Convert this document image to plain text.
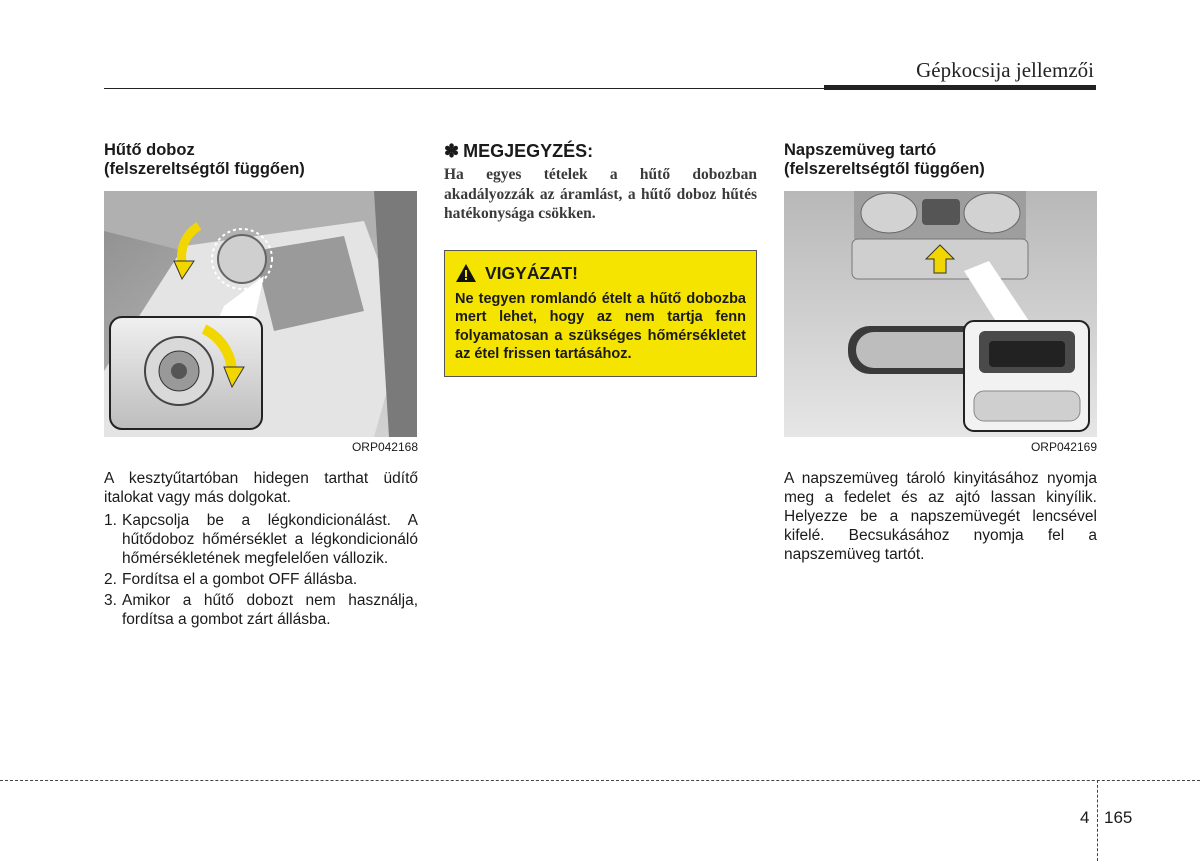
Gépkocsija jellemzői
Hűtő doboz
(felszereltségtől függően)
ORP042168

A kesztyűtartóban hidegen tarthat üdítő italokat vagy más dolgokat.

1. Kapcsolja be a légkondicionálást. A hűtődoboz hőmérséklet a légkondicionáló hőmérsékletének megfelelően vállozik.
2. Fordítsa el a gombot OFF állásba.
3. Amikor a hűtő dobozt nem használja, fordítsa a gombot zárt állásba.

✽ MEGJEGYZÉS:

Ha egyes tételek a hűtő dobozban akadályozzák az áramlást, a hűtő doboz hűtés hatékonysága csökken.

VIGYÁZAT!

Ne tegyen romlandó ételt a hűtő dobozba mert lehet, hogy az nem tartja fenn folyamatosan a szükséges hőmérsékletet az étel frissen tartásához.

Napszemüveg tartó
(felszereltségtől függően)
ORP042169

A napszemüveg tároló kinyitásához nyomja meg a fedelet és az ajtó lassan kinyílik. Helyezze be a napszemüvegét lencsével kifelé. Becsukásához nyomja fel a napszemüveg tartót.

4 165
